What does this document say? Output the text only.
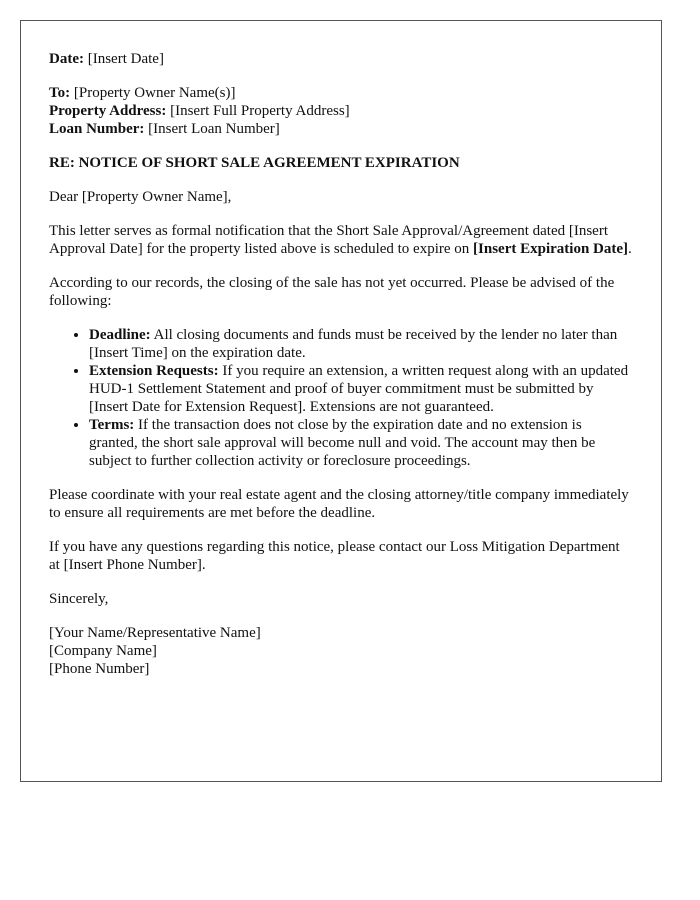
Date: [Insert Date]

To: [Property Owner Name(s)]
Property Address: [Insert Full Property Address]
Loan Number: [Insert Loan Number]

RE: NOTICE OF SHORT SALE AGREEMENT EXPIRATION

Dear [Property Owner Name],

This letter serves as formal notification that the Short Sale Approval/Agreement dated [Insert Approval Date] for the property listed above is scheduled to expire on [Insert Expiration Date].

According to our records, the closing of the sale has not yet occurred. Please be advised of the following:

• Deadline: All closing documents and funds must be received by the lender no later than [Insert Time] on the expiration date.
• Extension Requests: If you require an extension, a written request along with an updated HUD-1 Settlement Statement and proof of buyer commitment must be submitted by [Insert Date for Extension Request]. Extensions are not guaranteed.
• Terms: If the transaction does not close by the expiration date and no extension is granted, the short sale approval will become null and void. The account may then be subject to further collection activity or foreclosure proceedings.

Please coordinate with your real estate agent and the closing attorney/title company immediately to ensure all requirements are met before the deadline.

If you have any questions regarding this notice, please contact our Loss Mitigation Department at [Insert Phone Number].

Sincerely,

[Your Name/Representative Name]
[Company Name]
[Phone Number]
